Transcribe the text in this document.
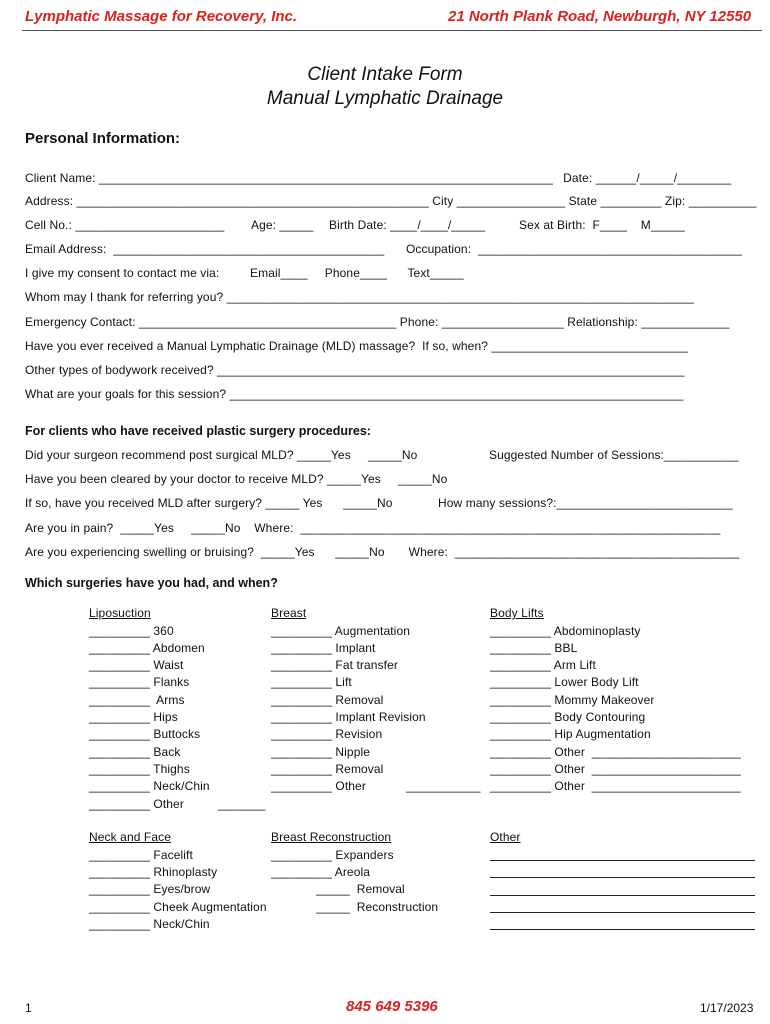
Lymphatic Massage for Recovery, Inc.	21 North Plank Road, Newburgh, NY 12550
Client Intake Form
Manual Lymphatic Drainage
Personal Information:
Client Name: ___________________________________________________________________   Date: ______/_____/________
Address: ____________________________________________________ City ________________ State _________ Zip: __________
Cell No.: ______________________ Age: _____ Birth Date: ____/____/_____	Sex at Birth:  F____    M_____
Email Address:  ________________________________________ Occupation:  _______________________________________
I give my consent to contact me via:	Email____     Phone____      Text_____
Whom may I thank for referring you? _____________________________________________________________________
Emergency Contact: ______________________________________ Phone: __________________ Relationship: _____________
Have you ever received a Manual Lymphatic Drainage (MLD) massage?  If so, when? _____________________________
Other types of bodywork received? _____________________________________________________________________
What are your goals for this session? ___________________________________________________________________
For clients who have received plastic surgery procedures:
Did your surgeon recommend post surgical MLD? _____Yes     _____No	Suggested Number of Sessions:___________
Have you been cleared by your doctor to receive MLD? _____Yes     _____No
If so, have you received MLD after surgery? _____ Yes      _____No	How many sessions?:__________________________
Are you in pain?  _____Yes     _____No    Where:  ______________________________________________________________
Are you experiencing swelling or bruising?  _____Yes      _____No       Where:  __________________________________________
Which surgeries have you had, and when?
Liposuction
_________ 360
_________ Abdomen
_________ Waist
_________ Flanks
_________  Arms
_________ Hips
_________ Buttocks
_________ Back
_________ Thighs
_________ Neck/Chin
_________ Other	_______
Breast
_________ Augmentation
_________ Implant
_________ Fat transfer
_________ Lift
_________ Removal
_________ Implant Revision
_________ Revision
_________ Nipple
_________ Removal
_________ Other	___________
Body Lifts
_________ Abdominoplasty
_________ BBL
_________ Arm Lift
_________ Lower Body Lift
_________ Mommy Makeover
_________ Body Contouring
_________ Hip Augmentation
_________ Other  ______________________
_________ Other  ______________________
_________ Other  ______________________
Neck and Face
_________ Facelift
_________ Rhinoplasty
_________ Eyes/brow
_________ Cheek Augmentation
_________ Neck/Chin
Breast Reconstruction
_________ Expanders
_________ Areola
_____  Removal
_____  Reconstruction
Other
1	845 649 5396	1/17/2023
